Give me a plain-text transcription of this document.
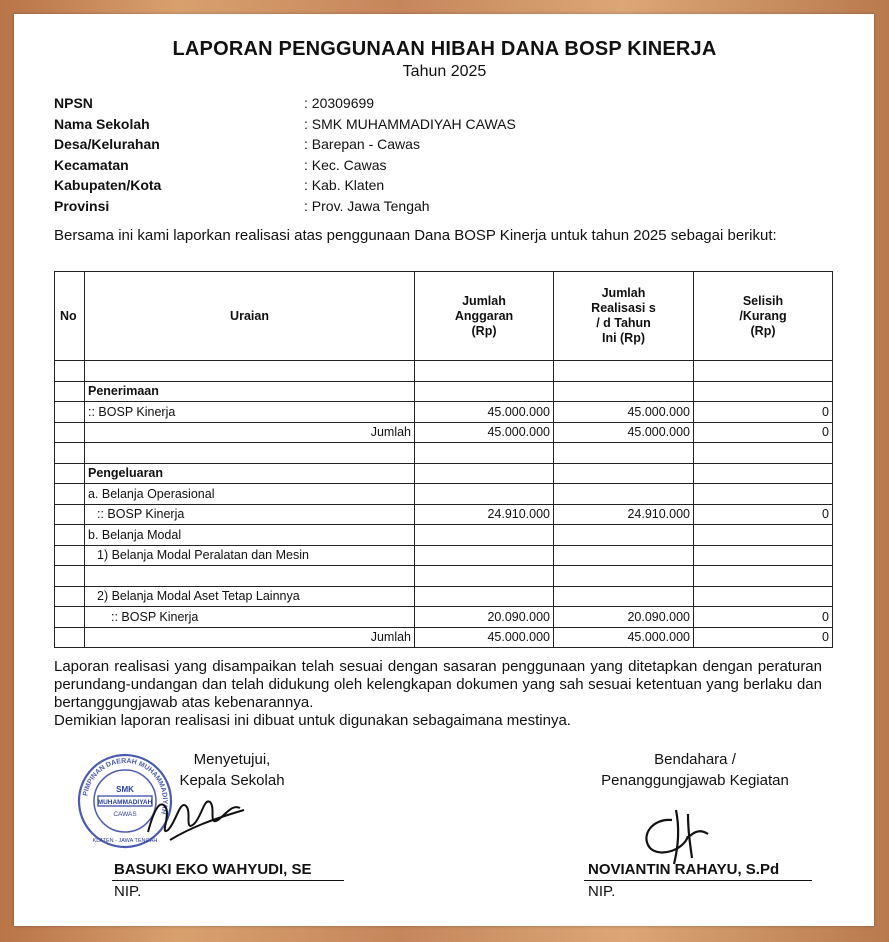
LAPORAN PENGGUNAAN HIBAH DANA BOSP KINERJA
Tahun 2025
NPSN	: 20309699
Nama Sekolah	: SMK MUHAMMADIYAH CAWAS
Desa/Kelurahan	: Barepan - Cawas
Kecamatan	: Kec. Cawas
Kabupaten/Kota	: Kab. Klaten
Provinsi	: Prov. Jawa Tengah
Bersama ini kami laporkan realisasi atas penggunaan Dana BOSP Kinerja untuk tahun 2025 sebagai berikut:
No	Uraian	Jumlah Anggaran (Rp)	Jumlah Realisasi s / d Tahun Ini (Rp)	Selisih /Kurang (Rp)

	Penerimaan			
	:: BOSP Kinerja	45.000.000	45.000.000	0
	Jumlah	45.000.000	45.000.000	0

	Pengeluaran			
	a. Belanja Operasional			
	:: BOSP Kinerja	24.910.000	24.910.000	0
	b. Belanja Modal			
	1) Belanja Modal Peralatan dan Mesin			

	2) Belanja Modal Aset Tetap Lainnya			
	:: BOSP Kinerja	20.090.000	20.090.000	0
	Jumlah	45.000.000	45.000.000	0

Laporan realisasi yang disampaikan telah sesuai dengan sasaran penggunaan yang ditetapkan dengan peraturan perundang-undangan dan telah didukung oleh kelengkapan dokumen yang sah sesuai ketentuan yang berlaku dan bertanggungjawab atas kebenarannya.

Demikian laporan realisasi ini dibuat untuk digunakan sebagaimana mestinya.

PIMPINAN DAERAH MUHAMMADIYAH
SMK
MUHAMMADIYAH
CAWAS
KLATEN - JAWA TENGAH
Menyetujui,
Kepala Sekolah
BASUKI EKO WAHYUDI, SE
NIP.
Bendahara /
Penanggungjawab Kegiatan
NOVIANTIN RAHAYU, S.Pd
NIP.
